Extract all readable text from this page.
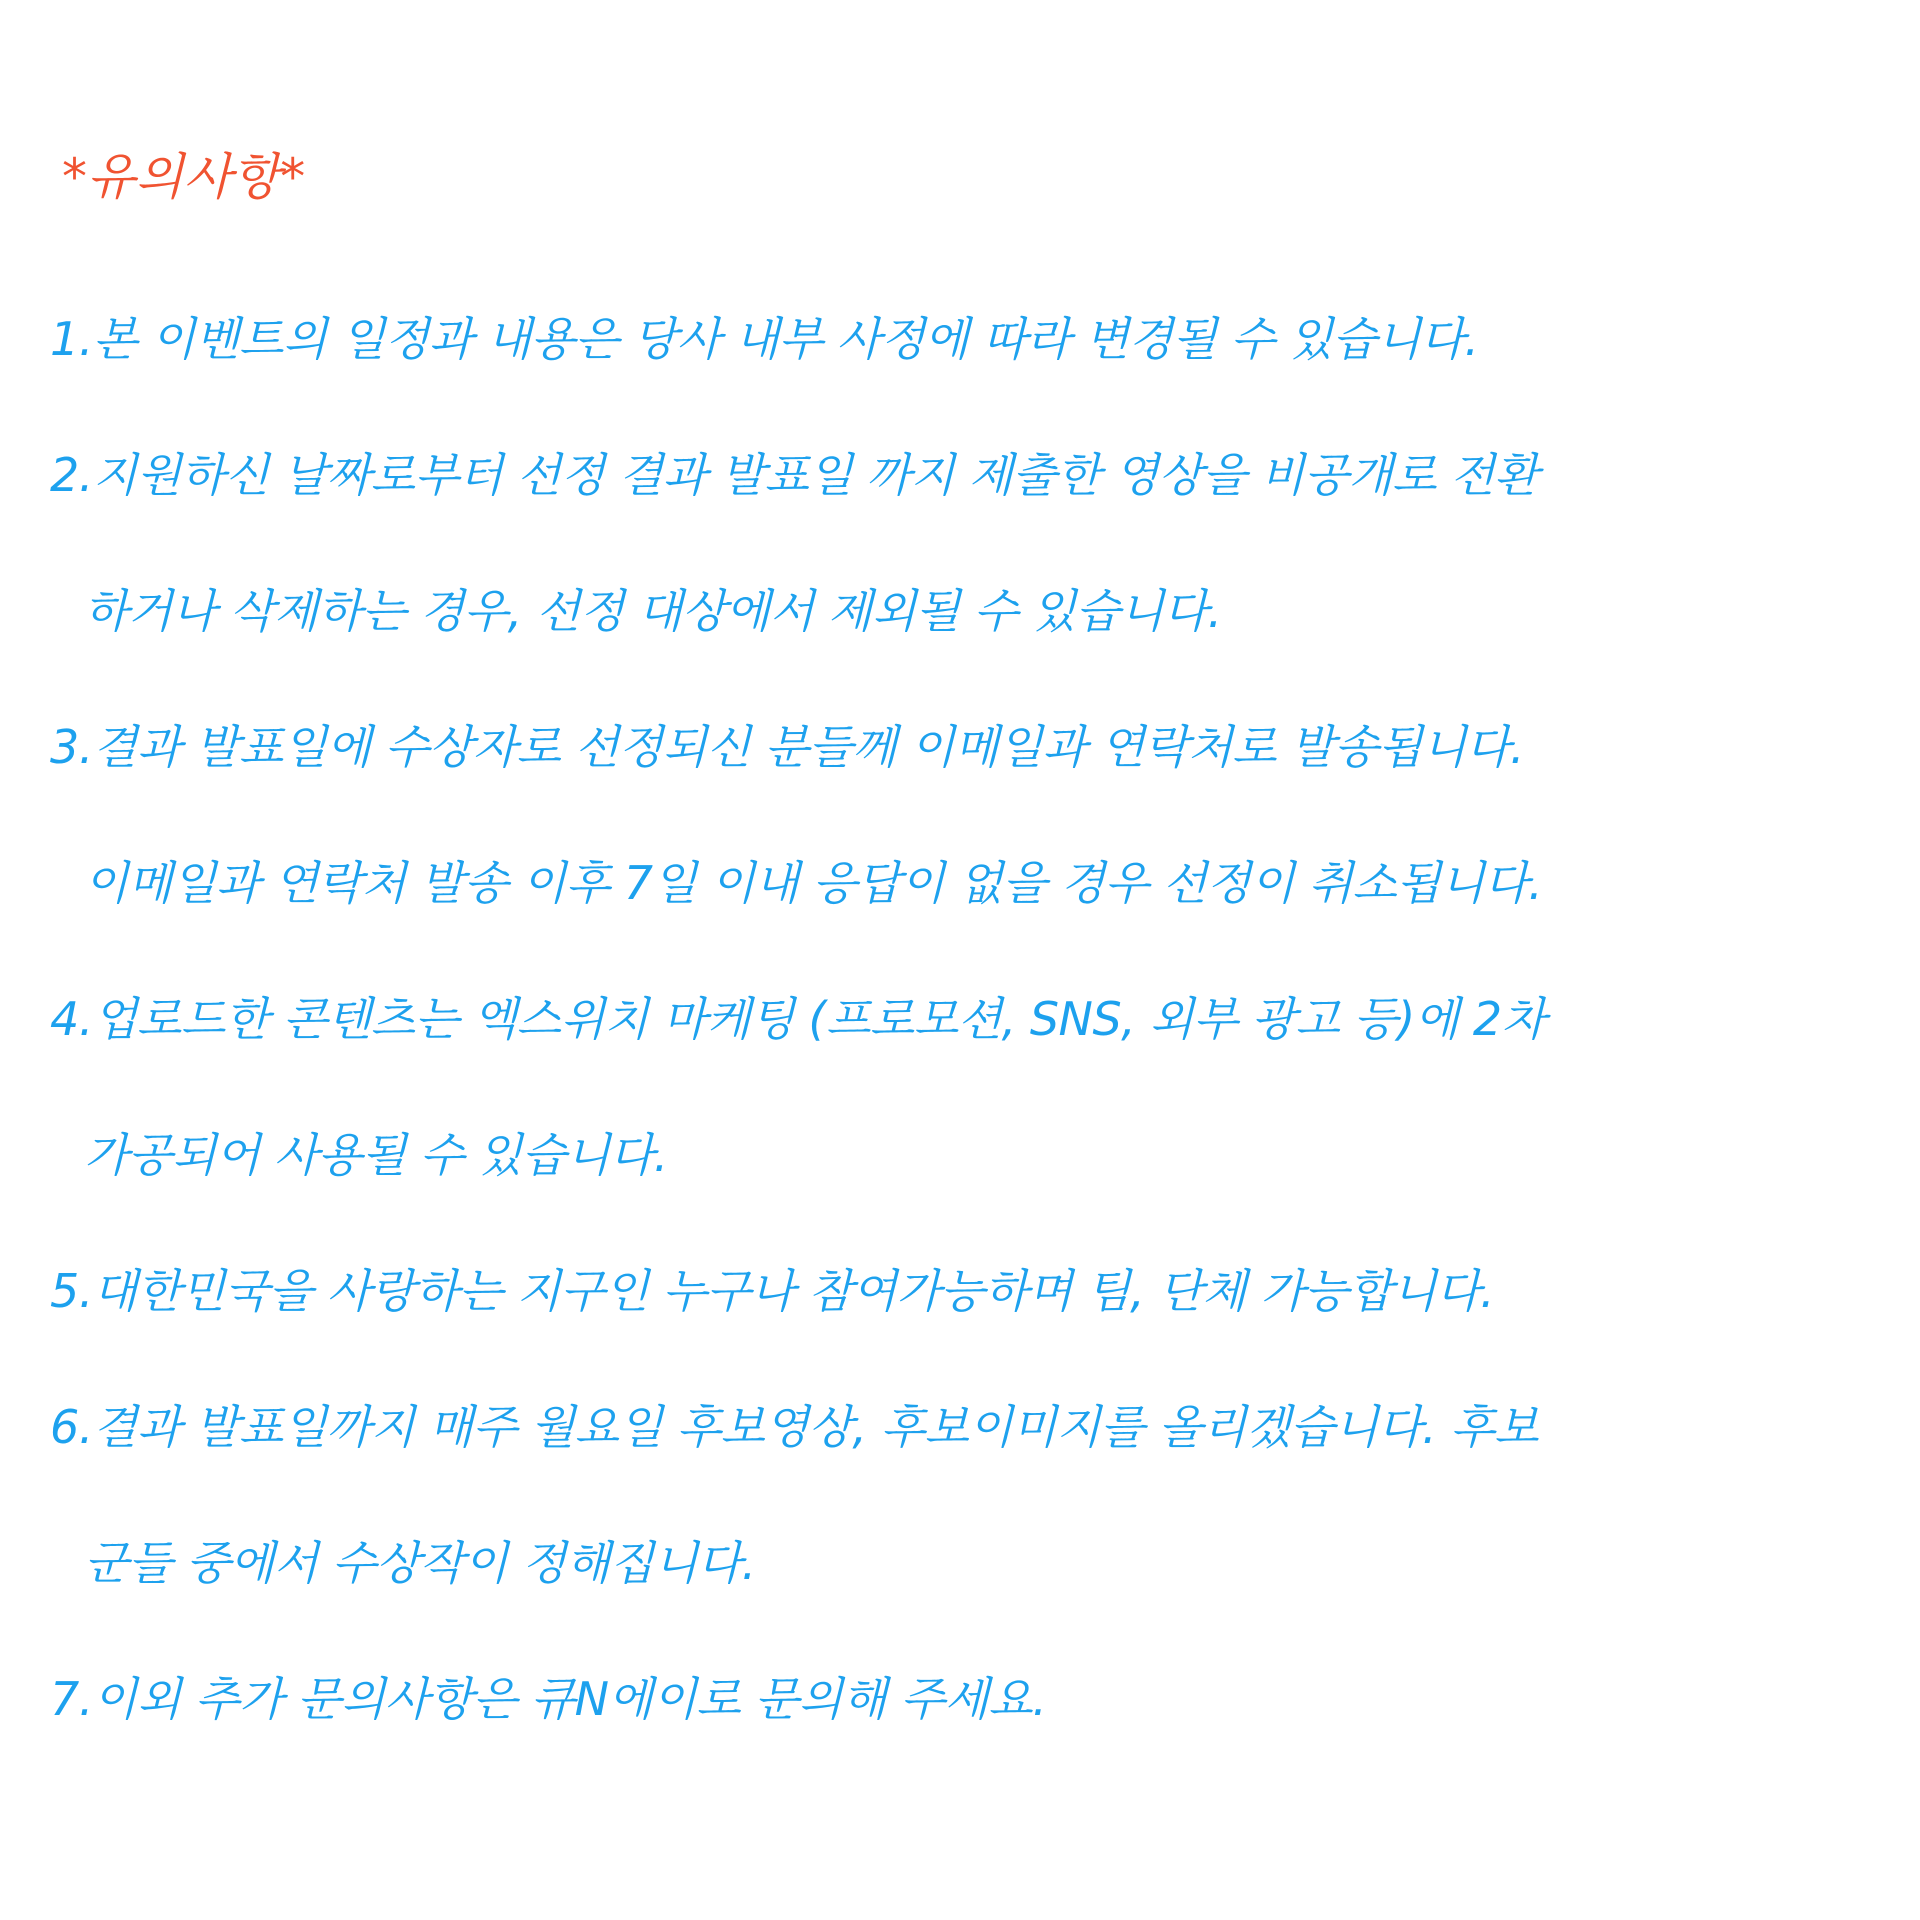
*유의사항*
1.본 이벤트의 일정과 내용은 당사 내부 사정에 따라 변경될 수 있습니다.
2.지원하신 날짜로부터 선정 결과 발표일 까지 제출한 영상을 비공개로 전환
하거나 삭제하는 경우, 선정 대상에서 제외될 수 있습니다.
3.결과 발표일에 수상자로 선정되신 분들께 이메일과 연락처로 발송됩니다.
이메일과 연락처 발송 이후 7일 이내 응답이 없을 경우 선정이 취소됩니다.
4.업로드한 콘텐츠는 엑스위치 마케팅 (프로모션, SNS, 외부 광고 등)에 2차
가공되어 사용될 수 있습니다.
5.대한민국을 사랑하는 지구인 누구나 참여가능하며 팀, 단체 가능합니다.
6.결과 발표일까지 매주 월요일 후보영상, 후보이미지를 올리겠습니다. 후보
군들 중에서 수상작이 정해집니다.
7.이외 추가 문의사항은 큐N에이로 문의해 주세요.
